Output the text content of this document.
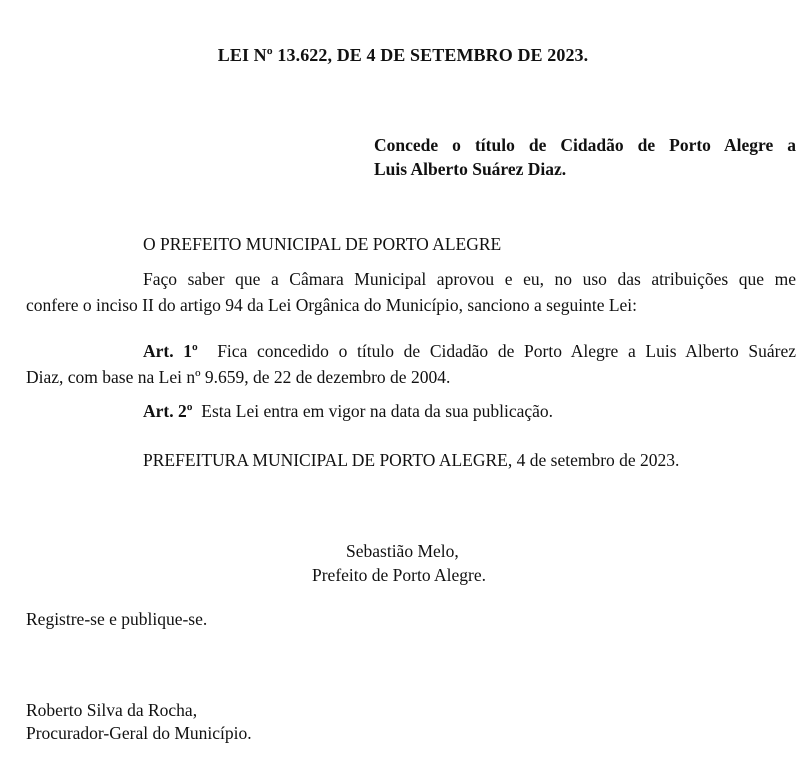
LEI Nº 13.622, DE 4 DE SETEMBRO DE 2023.
Concede o título de Cidadão de Porto Alegre a
Luis Alberto Suárez Diaz.
O PREFEITO MUNICIPAL DE PORTO ALEGRE
Faço saber que a Câmara Municipal aprovou e eu, no uso das atribuições que me
confere o inciso II do artigo 94 da Lei Orgânica do Município, sanciono a seguinte Lei:
Art. 1º Fica concedido o título de Cidadão de Porto Alegre a Luis Alberto Suárez
Diaz, com base na Lei nº 9.659, de 22 de dezembro de 2004.
Art. 2º Esta Lei entra em vigor na data da sua publicação.
PREFEITURA MUNICIPAL DE PORTO ALEGRE, 4 de setembro de 2023.
Sebastião Melo,
Prefeito de Porto Alegre.
Registre-se e publique-se.
Roberto Silva da Rocha,
Procurador-Geral do Município.
